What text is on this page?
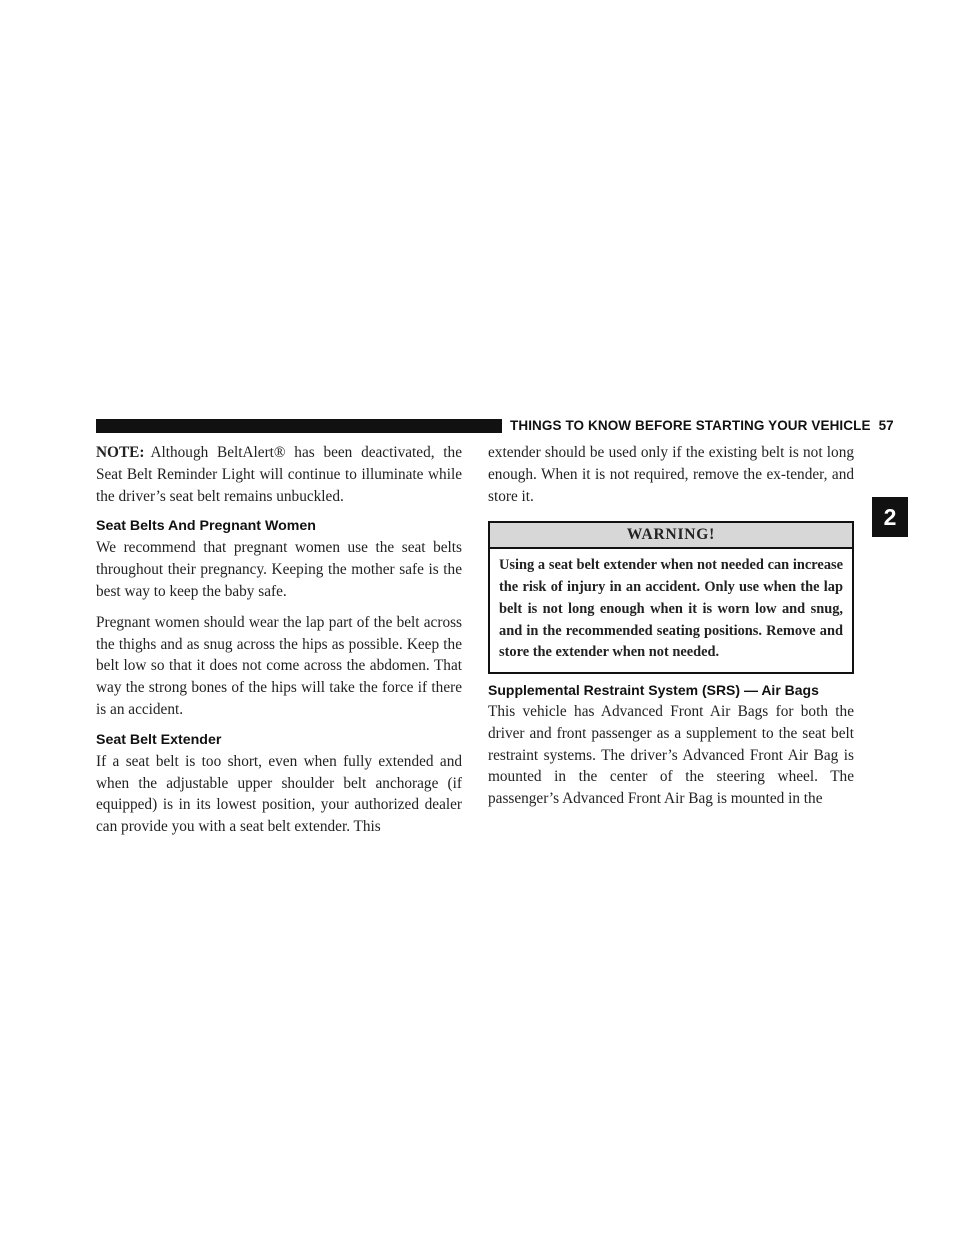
THINGS TO KNOW BEFORE STARTING YOUR VEHICLE 57
2

NOTE: Although BeltAlert® has been deactivated, the Seat Belt Reminder Light will continue to illuminate while the driver’s seat belt remains unbuckled.

Seat Belts And Pregnant Women

We recommend that pregnant women use the seat belts throughout their pregnancy. Keeping the mother safe is the best way to keep the baby safe.

Pregnant women should wear the lap part of the belt across the thighs and as snug across the hips as possible. Keep the belt low so that it does not come across the abdomen. That way the strong bones of the hips will take the force if there is an accident.

Seat Belt Extender

If a seat belt is too short, even when fully extended and when the adjustable upper shoulder belt anchorage (if equipped) is in its lowest position, your authorized dealer can provide you with a seat belt extender. This

extender should be used only if the existing belt is not long enough. When it is not required, remove the ex-tender, and store it.

WARNING!
Using a seat belt extender when not needed can increase the risk of injury in an accident. Only use when the lap belt is not long enough when it is worn low and snug, and in the recommended seating positions. Remove and store the extender when not needed.
Supplemental Restraint System (SRS) — Air Bags

This vehicle has Advanced Front Air Bags for both the driver and front passenger as a supplement to the seat belt restraint systems. The driver’s Advanced Front Air Bag is mounted in the center of the steering wheel. The passenger’s Advanced Front Air Bag is mounted in the
